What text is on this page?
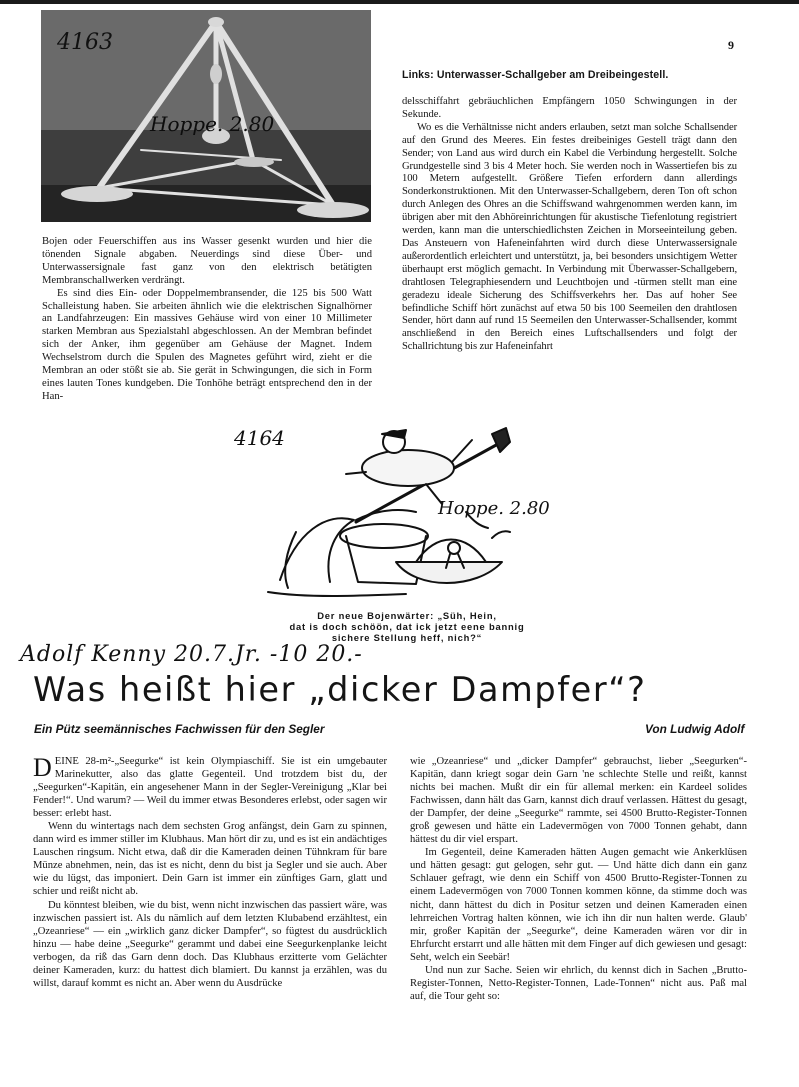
9
4163
Hoppe. 2.80
Links: Unterwasser-Schallgeber am Dreibeingestell.

Bojen oder Feuerschiffen aus ins Wasser gesenkt wurden und hier die tönenden Signale abgaben. Neuerdings sind diese Über- und Unterwassersignale fast ganz von den elektrisch betätigten Membranschallwerken verdrängt.

Es sind dies Ein- oder Doppelmembransender, die 125 bis 500 Watt Schalleistung haben. Sie arbeiten ähnlich wie die elektrischen Signalhörner an Landfahrzeugen: Ein massives Gehäuse wird von einer 10 Millimeter starken Membran aus Spezialstahl abgeschlossen. An der Membran befindet sich der Anker, ihm gegenüber am Gehäuse der Magnet. Indem Wechselstrom durch die Spulen des Magnetes geführt wird, zieht er die Membran an oder stößt sie ab. Sie gerät in Schwingungen, die sich in Form eines lauten Tones kundgeben. Die Tonhöhe beträgt entsprechend den in der Han-

delsschiffahrt gebräuchlichen Empfängern 1050 Schwingungen in der Sekunde.

Wo es die Verhältnisse nicht anders erlauben, setzt man solche Schallsender auf den Grund des Meeres. Ein festes dreibeiniges Gestell trägt dann den Sender; von Land aus wird durch ein Kabel die Verbindung hergestellt. Solche Grundgestelle sind 3 bis 4 Meter hoch. Sie werden noch in Wassertiefen bis zu 100 Metern aufgestellt. Größere Tiefen erfordern dann allerdings Sonderkonstruktionen. Mit den Unterwasser-Schallgebern, deren Ton oft schon durch Anlegen des Ohres an die Schiffswand wahrgenommen werden kann, im übrigen aber mit den Abhöreinrichtungen für akustische Tiefenlotung registriert werden, kann man die unterschiedlichsten Zeichen in Morseeinteilung geben. Das Ansteuern von Hafeneinfahrten wird durch diese Unterwassersignale außerordentlich erleichtert und unterstützt, ja, bei besonders unsichtigem Wetter überhaupt erst möglich gemacht. In Verbindung mit Überwasser-Schallgebern, drahtlosen Telegraphiesendern und Leuchtbojen und -türmen stellt man eine geradezu ideale Sicherung des Schiffsverkehrs her. Das auf hoher See befindliche Schiff hört zunächst auf etwa 50 bis 100 Seemeilen den drahtlosen Sender, hört dann auf rund 15 Seemeilen den Unterwasser-Schallsender, kommt anschließend in den Bereich eines Luftschallsenders und folgt der Schallrichtung bis zur Hafeneinfahrt

4164
Hoppe. 2.80
Der neue Bojenwärter: „Süh, Hein,
dat is doch schöön, dat ick jetzt eene bannig
sichere Stellung heff, nich?“
Adolf Kenny 20.7.Jr. -10 20.-
Was heißt hier „dicker Dampfer“?
Ein Pütz seemännisches Fachwissen für den Segler	Von Ludwig Adolf

DEINE 28-m²-„Seegurke“ ist kein Olympiaschiff. Sie ist ein umgebauter Marinekutter, also das glatte Gegenteil. Und trotzdem bist du, der „Seegurken“-Kapitän, ein angesehener Mann in der Segler-Vereinigung „Klar bei Fender!“. Und warum? — Weil du immer etwas Besonderes erlebst, oder sagen wir besser: erlebt hast.

Wenn du wintertags nach dem sechsten Grog anfängst, dein Garn zu spinnen, dann wird es immer stiller im Klubhaus. Man hört dir zu, und es ist ein andächtiges Lauschen ringsum. Nicht etwa, daß dir die Kameraden deinen Tühnkram für bare Münze abnehmen, nein, das ist es nicht, denn du bist ja Segler und sie auch. Aber wie du lügst, das imponiert. Dein Garn ist immer ein zünftiges Garn, glatt und schier und reißt nicht ab.

Du könntest bleiben, wie du bist, wenn nicht inzwischen das passiert wäre, was inzwischen passiert ist. Als du nämlich auf dem letzten Klubabend erzähltest, ein „Ozeanriese“ — ein „wirklich ganz dicker Dampfer“, so fügtest du ausdrücklich hinzu — habe deine „Seegurke“ gerammt und dabei eine Seegurkenplanke leicht verbogen, da riß das Garn denn doch. Das Klubhaus erzitterte vom Gelächter deiner Kameraden, kurz: du hattest dich blamiert. Du kannst ja erzählen, was du willst, darauf kommt es nicht an. Aber wenn du Ausdrücke

wie „Ozeanriese“ und „dicker Dampfer“ gebrauchst, lieber „Seegurken“-Kapitän, dann kriegt sogar dein Garn 'ne schlechte Stelle und reißt, kannst nichts bei machen. Mußt dir ein für allemal merken: ein Kardeel solides Fachwissen, dann hält das Garn, kannst dich drauf verlassen. Hättest du gesagt, der Dampfer, der deine „Seegurke“ rammte, sei 4500 Brutto-Register-Tonnen groß gewesen und hätte ein Ladevermögen von 7000 Tonnen gehabt, dann hättest du dir viel erspart.

Im Gegenteil, deine Kameraden hätten Augen gemacht wie Ankerklüsen und hätten gesagt: gut gelogen, sehr gut. — Und hätte dich dann ein ganz Schlauer gefragt, wie denn ein Schiff von 4500 Brutto-Register-Tonnen zu einem Ladevermögen von 7000 Tonnen kommen könne, da stimme doch was nicht, dann hättest du dich in Positur setzen und deinen Kameraden einen lehrreichen Vortrag halten können, wie ich ihn dir nun halten werde. Glaub' mir, großer Kapitän der „Seegurke“, deine Kameraden wären vor dir in Ehrfurcht erstarrt und alle hätten mit dem Finger auf dich gewiesen und gesagt: Seht, welch ein Seebär!

Und nun zur Sache. Seien wir ehrlich, du kennst dich in Sachen „Brutto-Register-Tonnen, Netto-Register-Tonnen, Lade-Tonnen“ nicht aus. Paß mal auf, die Tour geht so:
